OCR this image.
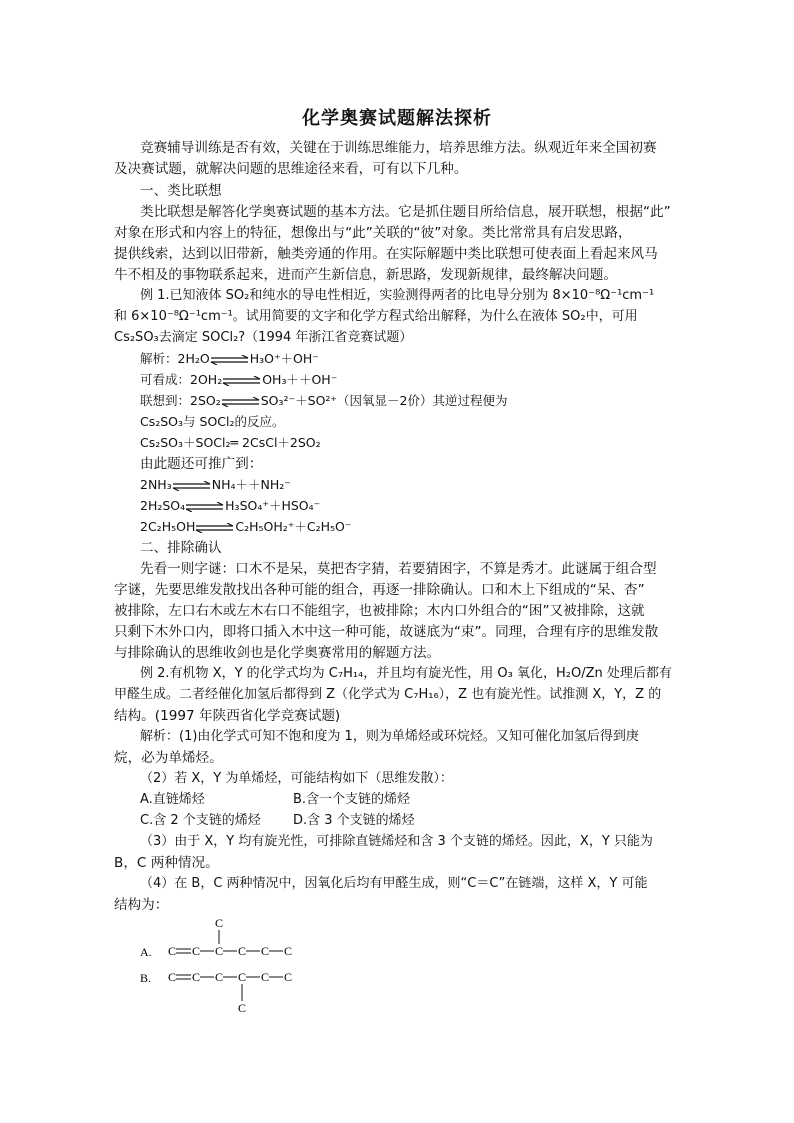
化学奥赛试题解法探析
竞赛辅导训练是否有效，关键在于训练思维能力，培养思维方法。纵观近年来全国初赛
及决赛试题，就解决问题的思维途径来看，可有以下几种。
一、类比联想
类比联想是解答化学奥赛试题的基本方法。它是抓住题目所给信息，展开联想，根据“此”
对象在形式和内容上的特征，想像出与“此”关联的“彼”对象。类比常常具有启发思路，
提供线索，达到以旧带新，触类旁通的作用。在实际解题中类比联想可使表面上看起来风马
牛不相及的事物联系起来，进而产生新信息，新思路，发现新规律，最终解决问题。
例 1.已知液体 SO₂和纯水的导电性相近，实验测得两者的比电导分别为 8×10⁻⁸Ω⁻¹cm⁻¹
和 6×10⁻⁸Ω⁻¹cm⁻¹。试用简要的文字和化学方程式给出解释，为什么在液体 SO₂中，可用
Cs₂SO₃去滴定 SOCl₂?（1994 年浙江省竞赛试题）
解析：2H₂O⇌H₃O⁺＋OH⁻
可看成：2OH₂⇌OH₃＋＋OH⁻
联想到：2SO₂⇌SO₃²⁻＋SO²⁺（因氧显－2价）其逆过程便为
Cs₂SO₃与 SOCl₂的反应。
Cs₂SO₃＋SOCl₂═ 2CsCl＋2SO₂
由此题还可推广到：
2NH₃⇌NH₄＋＋NH₂⁻
2H₂SO₄⇌H₃SO₄⁺＋HSO₄⁻
2C₂H₅OH⇌C₂H₅OH₂⁺＋C₂H₅O⁻
二、排除确认
先看一则字谜：口木不是呆，莫把杏字猜，若要猜困字，不算是秀才。此谜属于组合型
字谜，先要思维发散找出各种可能的组合，再逐一排除确认。口和木上下组成的“呆、杏”
被排除，左口右木或左木右口不能组字，也被排除；木内口外组合的“困”又被排除，这就
只剩下木外口内，即将口插入木中这一种可能，故谜底为“束”。同理，合理有序的思维发散
与排除确认的思维收剑也是化学奥赛常用的解题方法。
例 2.有机物 X，Y 的化学式均为 C₇H₁₄，并且均有旋光性，用 O₃ 氧化，H₂O/Zn 处理后都有
甲醛生成。二者经催化加氢后都得到 Z（化学式为 C₇H₁₆），Z 也有旋光性。试推测 X，Y，Z 的
结构。(1997 年陕西省化学竞赛试题)
解析：(1)由化学式可知不饱和度为 1，则为单烯烃或环烷烃。又知可催化加氢后得到庚
烷，必为单烯烃。
（2）若 X，Y 为单烯烃，可能结构如下（思维发散）：
A.直链烯烃	B.含一个支链的烯烃
C.含 2 个支链的烯烃 D.含 3 个支链的烯烃
（3）由于 X，Y 均有旋光性，可排除直链烯烃和含 3 个支链的烯烃。因此，X，Y 只能为
B，C 两种情况。
（4）在 B，C 两种情况中，因氧化后均有甲醛生成，则“C＝C”在链端，这样 X，Y 可能
结构为：
A. C C C C C C
C
B. C C C C C C
C
